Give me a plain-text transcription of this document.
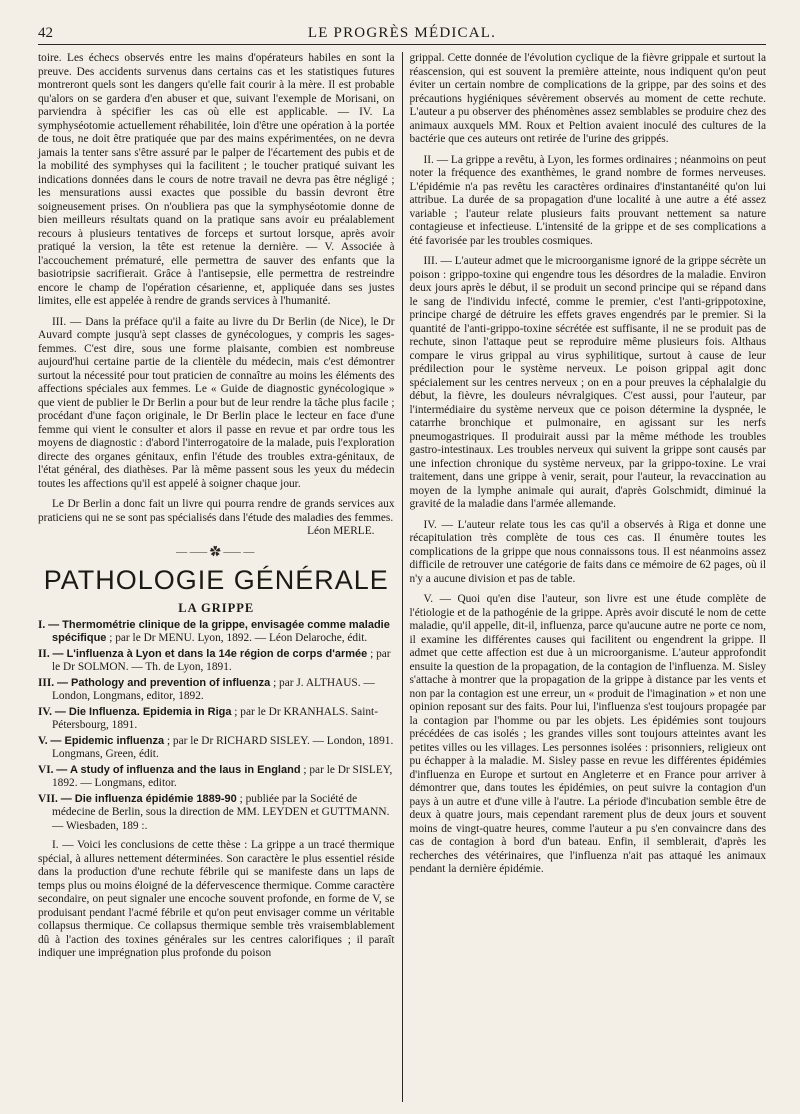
42	LE PROGRÈS MÉDICAL.

toire. Les échecs observés entre les mains d'opérateurs habiles en sont la preuve. Des accidents survenus dans certains cas et les statistiques futures montreront quels sont les dangers qu'elle fait courir à la mère. Il est probable qu'alors on se gardera d'en abuser et que, suivant l'exemple de Morisani, on parviendra à spécifier les cas où elle est applicable. — IV. La symphyséotomie actuellement réhabilitée, loin d'être une opération à la portée de tous, ne doit être pratiquée que par des mains expérimentées, on ne devra jamais la tenter sans s'être assuré par le palper de l'écartement des pubis et de la mobilité des symphyses qui la facilitent ; le toucher pratiqué suivant les indications données dans le cours de notre travail ne devra pas être négligé ; les mensurations aussi exactes que possible du bassin devront être soigneusement prises. On n'oubliera pas que la symphyséotomie donne de bien meilleurs résultats quand on la pratique sans avoir eu préalablement recours à plusieurs tentatives de forceps et surtout lorsque, après avoir pratiqué la version, la tête est retenue la dernière. — V. Associée à l'accouchement prématuré, elle permettra de sauver des enfants que la basiotripsie sacrifierait. Grâce à l'antisepsie, elle permettra de restreindre encore le champ de l'opération césarienne, et, appliquée dans ses justes limites, elle est appelée à rendre de grands services à l'humanité.

III. — Dans la préface qu'il a faite au livre du Dr Berlin (de Nice), le Dr Auvard compte jusqu'à sept classes de gynécologues, y compris les sages-femmes. C'est dire, sous une forme plaisante, combien est nombreuse aujourd'hui certaine partie de la clientèle du médecin, mais c'est démontrer surtout la nécessité pour tout praticien de connaître au moins les éléments des affections spéciales aux femmes. Le « Guide de diagnostic gynécologique » que vient de publier le Dr Berlin a pour but de leur rendre la tâche plus facile ; procédant d'une façon originale, le Dr Berlin place le lecteur en face d'une femme qui vient le consulter et alors il passe en revue et par ordre tous les moyens de diagnostic : d'abord l'interrogatoire de la malade, puis l'exploration directe des organes génitaux, enfin l'étude des troubles extra-génitaux, de l'état général, des diathèses. Par là même passent sous les yeux du médecin toutes les affections qu'il est appelé à soigner chaque jour.

Le Dr Berlin a donc fait un livre qui pourra rendre de grands services aux praticiens qui ne se sont pas spécialisés dans l'étude des maladies des femmes.

Léon MERLE.
—⸺✿⸺—
PATHOLOGIE GÉNÉRALE
LA GRIPPE
I. — Thermométrie clinique de la grippe, envisagée comme maladie spécifique ; par le Dr MENU. Lyon, 1892. — Léon Delaroche, édit.
II. — L'influenza à Lyon et dans la 14e région de corps d'armée ; par le Dr SOLMON. — Th. de Lyon, 1891.
III. — Pathology and prevention of influenza ; par J. ALTHAUS. — London, Longmans, editor, 1892.
IV. — Die Influenza. Epidemia in Riga ; par le Dr KRANHALS. Saint-Pétersbourg, 1891.
V. — Epidemic influenza ; par le Dr RICHARD SISLEY. — London, 1891. Longmans, Green, édit.
VI. — A study of influenza and the laus in England ; par le Dr SISLEY, 1892. — Longmans, editor.
VII. — Die influenza épidémie 1889-90 ; publiée par la Société de médecine de Berlin, sous la direction de MM. LEYDEN et GUTTMANN. — Wiesbaden, 189 :.

I. — Voici les conclusions de cette thèse : La grippe a un tracé thermique spécial, à allures nettement déterminées. Son caractère le plus essentiel réside dans la production d'une rechute fébrile qui se manifeste dans un laps de temps plus ou moins éloigné de la défervescence thermique. Comme caractère secondaire, on peut signaler une encoche souvent profonde, en forme de V, se produisant pendant l'acmé fébrile et qu'on peut envisager comme un véritable collapsus thermique. Ce collapsus thermique semble très vraisemblablement dû à l'action des toxines générales sur les centres calorifiques ; il paraît indiquer une imprégnation plus profonde du poison

grippal. Cette donnée de l'évolution cyclique de la fièvre grippale et surtout la réascension, qui est souvent la première atteinte, nous indiquent qu'on peut éviter un certain nombre de complications de la grippe, par des soins et des précautions hygiéniques sévèrement observés au moment de cette rechute. L'auteur a pu observer des phénomènes assez semblables se produire chez des animaux auxquels MM. Roux et Peltion avaient inoculé des cultures de la bactérie que ces auteurs ont retirée de l'urine des grippés.

II. — La grippe a revêtu, à Lyon, les formes ordinaires ; néanmoins on peut noter la fréquence des exanthèmes, le grand nombre de formes nerveuses. L'épidémie n'a pas revêtu les caractères ordinaires d'instantanéité qu'on lui attribue. La durée de sa propagation d'une localité à une autre a été assez variable ; l'auteur relate plusieurs faits prouvant nettement sa nature contagieuse et infectieuse. L'intensité de la grippe et de ses complications a été favorisée par les troubles cosmiques.

III. — L'auteur admet que le microorganisme ignoré de la grippe sécrète un poison : grippo-toxine qui engendre tous les désordres de la maladie. Environ deux jours après le début, il se produit un second principe qui se répand dans le sang de l'individu infecté, comme le premier, c'est l'anti-grippotoxine, principe chargé de détruire les effets graves engendrés par le premier. Si la quantité de l'anti-grippo-toxine sécrétée est suffisante, il ne se produit pas de rechute, sinon l'attaque peut se reproduire même plusieurs fois. Althaus compare le virus grippal au virus syphilitique, surtout à cause de leur prédilection pour le système nerveux. Le poison grippal agit donc spécialement sur les centres nerveux ; on en a pour preuves la céphalalgie du début, la fièvre, les douleurs névralgiques. C'est aussi, pour l'auteur, par l'intermédiaire du système nerveux que ce poison détermine la dyspnée, le catarrhe bronchique et pulmonaire, en agissant sur les nerfs pneumogastriques. Il produirait aussi par la même méthode les troubles gastro-intestinaux. Les troubles nerveux qui suivent la grippe sont causés par une infection chronique du système nerveux, par la grippo-toxine. Le vrai traitement, dans une grippe à venir, serait, pour l'auteur, la revaccination au moyen de la lymphe animale qui aurait, d'après Golschmidt, diminué la gravité de la maladie dans l'armée allemande.

IV. — L'auteur relate tous les cas qu'il a observés à Riga et donne une récapitulation très complète de tous ces cas. Il énumère toutes les complications de la grippe que nous connaissons tous. Il est néanmoins assez difficile de retrouver une catégorie de faits dans ce mémoire de 62 pages, où il n'y a aucune division et pas de table.

V. — Quoi qu'en dise l'auteur, son livre est une étude complète de l'étiologie et de la pathogénie de la grippe. Après avoir discuté le nom de cette maladie, qu'il appelle, dit-il, influenza, parce qu'aucune autre ne porte ce nom, il examine les différentes causes qui facilitent ou engendrent la grippe. Il admet que cette affection est due à un microorganisme. L'auteur approfondit ensuite la question de la propagation, de la contagion de l'influenza. M. Sisley s'attache à montrer que la propagation de la grippe à distance par les vents et non par la contagion est une erreur, un « produit de l'imagination » et non une opinion reposant sur des faits. Pour lui, l'influenza s'est toujours propagée par la contagion par l'homme ou par les objets. Les épidémies sont toujours précédées de cas isolés ; les grandes villes sont toujours atteintes avant les petites villes ou les villages. Les personnes isolées : prisonniers, religieux ont pu échapper à la maladie. M. Sisley passe en revue les différentes épidémies d'influenza en Europe et surtout en Angleterre et en France pour arriver à démontrer que, dans toutes les épidémies, on peut suivre la contagion d'un pays à un autre et d'une ville à l'autre. La période d'incubation semble être de deux à quatre jours, mais cependant rarement plus de deux jours et souvent moins de vingt-quatre heures, comme l'auteur a pu s'en convaincre dans des cas de contagion à bord d'un bateau. Enfin, il semblerait, d'après les recherches des vétérinaires, que l'influenza n'ait pas attaqué les animaux pendant la dernière épidémie.
